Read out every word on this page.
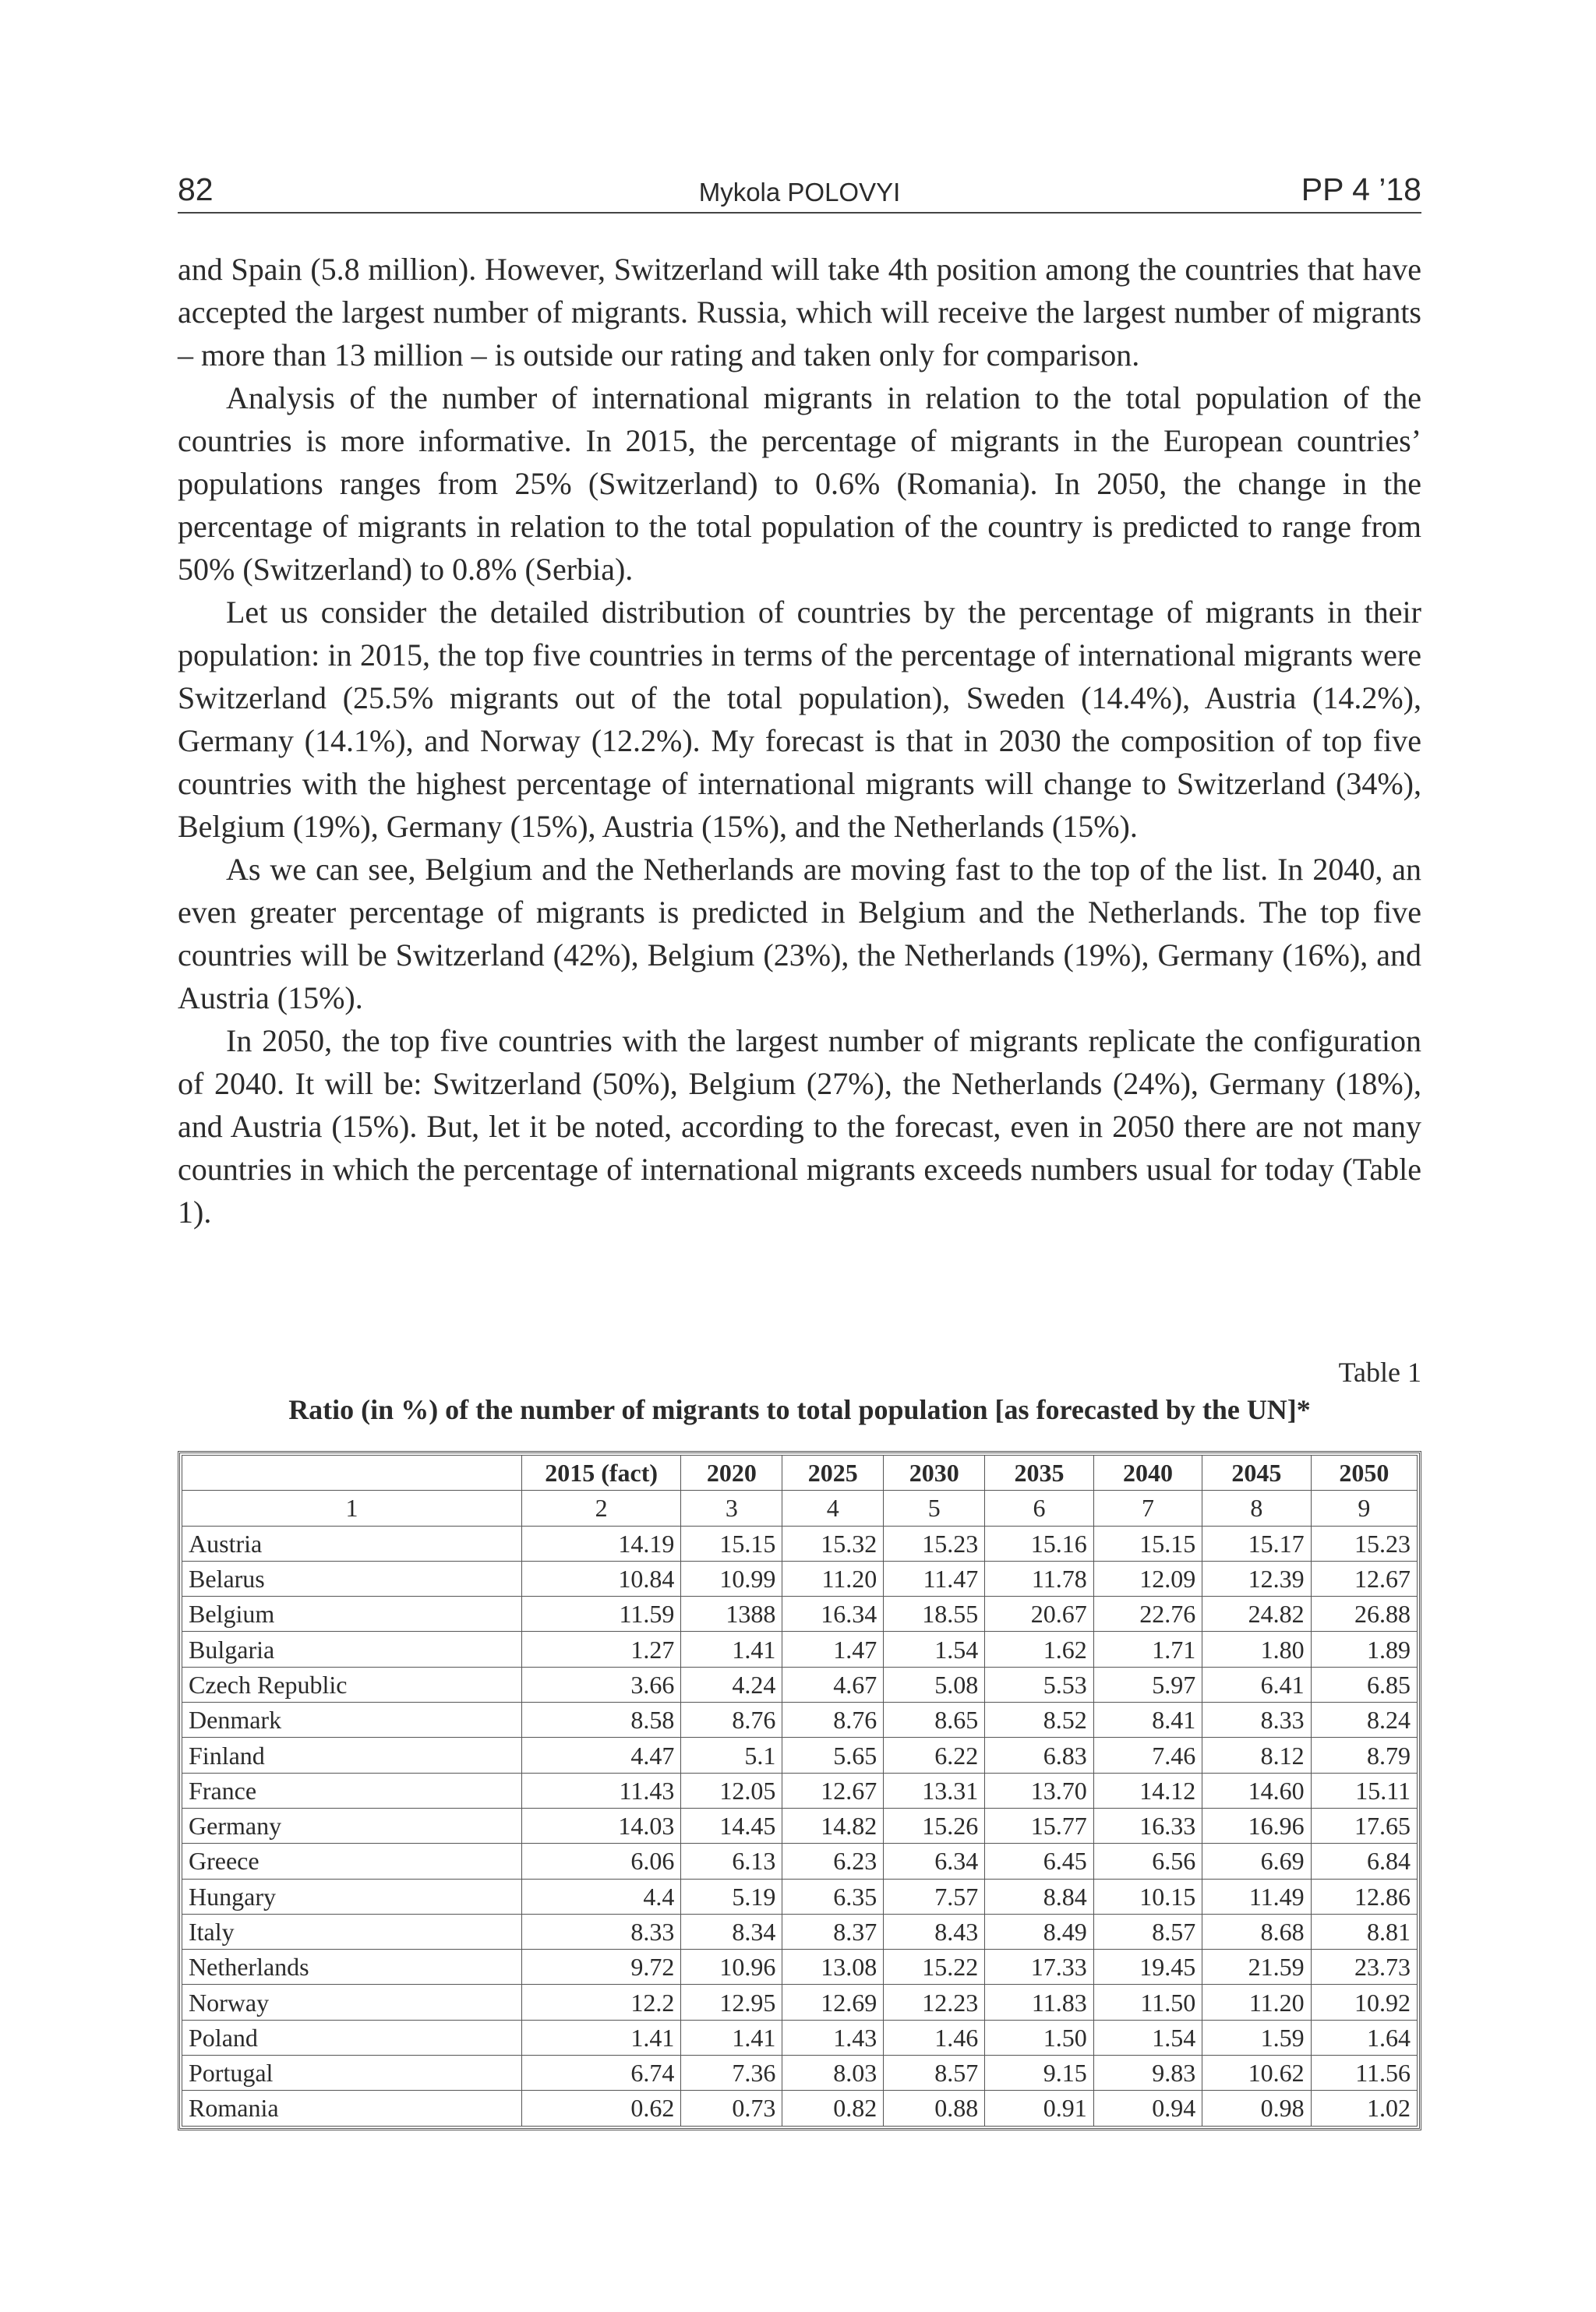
82	Mykola POLOVYI	PP 4 ’18

and Spain (5.8 million). However, Switzerland will take 4th position among the countries that have accepted the largest number of migrants. Russia, which will receive the largest number of migrants – more than 13 million – is outside our rating and taken only for comparison.

Analysis of the number of international migrants in relation to the total population of the countries is more informative. In 2015, the percentage of migrants in the European countries’ populations ranges from 25% (Switzerland) to 0.6% (Romania). In 2050, the change in the percentage of migrants in relation to the total population of the country is predicted to range from 50% (Switzerland) to 0.8% (Serbia).

Let us consider the detailed distribution of countries by the percentage of migrants in their population: in 2015, the top five countries in terms of the percentage of international migrants were Switzerland (25.5% migrants out of the total population), Sweden (14.4%), Austria (14.2%), Germany (14.1%), and Norway (12.2%). My forecast is that in 2030 the composition of top five countries with the highest percentage of international migrants will change to Switzerland (34%), Belgium (19%), Germany (15%), Austria (15%), and the Netherlands (15%).

As we can see, Belgium and the Netherlands are moving fast to the top of the list. In 2040, an even greater percentage of migrants is predicted in Belgium and the Netherlands. The top five countries will be Switzerland (42%), Belgium (23%), the Netherlands (19%), Germany (16%), and Austria (15%).

In 2050, the top five countries with the largest number of migrants replicate the configuration of 2040. It will be: Switzerland (50%), Belgium (27%), the Netherlands (24%), Germany (18%), and Austria (15%). But, let it be noted, according to the forecast, even in 2050 there are not many countries in which the percentage of international migrants exceeds numbers usual for today (Table 1).

Table 1
Ratio (in %) of the number of migrants to total population [as forecasted by the UN]*
	2015 (fact)	2020	2025	2030	2035	2040	2045	2050
1	2	3	4	5	6	7	8	9
Austria	14.19	15.15	15.32	15.23	15.16	15.15	15.17	15.23
Belarus	10.84	10.99	11.20	11.47	11.78	12.09	12.39	12.67
Belgium	11.59	1388	16.34	18.55	20.67	22.76	24.82	26.88
Bulgaria	1.27	1.41	1.47	1.54	1.62	1.71	1.80	1.89
Czech Republic	3.66	4.24	4.67	5.08	5.53	5.97	6.41	6.85
Denmark	8.58	8.76	8.76	8.65	8.52	8.41	8.33	8.24
Finland	4.47	5.1	5.65	6.22	6.83	7.46	8.12	8.79
France	11.43	12.05	12.67	13.31	13.70	14.12	14.60	15.11
Germany	14.03	14.45	14.82	15.26	15.77	16.33	16.96	17.65
Greece	6.06	6.13	6.23	6.34	6.45	6.56	6.69	6.84
Hungary	4.4	5.19	6.35	7.57	8.84	10.15	11.49	12.86
Italy	8.33	8.34	8.37	8.43	8.49	8.57	8.68	8.81
Netherlands	9.72	10.96	13.08	15.22	17.33	19.45	21.59	23.73
Norway	12.2	12.95	12.69	12.23	11.83	11.50	11.20	10.92
Poland	1.41	1.41	1.43	1.46	1.50	1.54	1.59	1.64
Portugal	6.74	7.36	8.03	8.57	9.15	9.83	10.62	11.56
Romania	0.62	0.73	0.82	0.88	0.91	0.94	0.98	1.02
